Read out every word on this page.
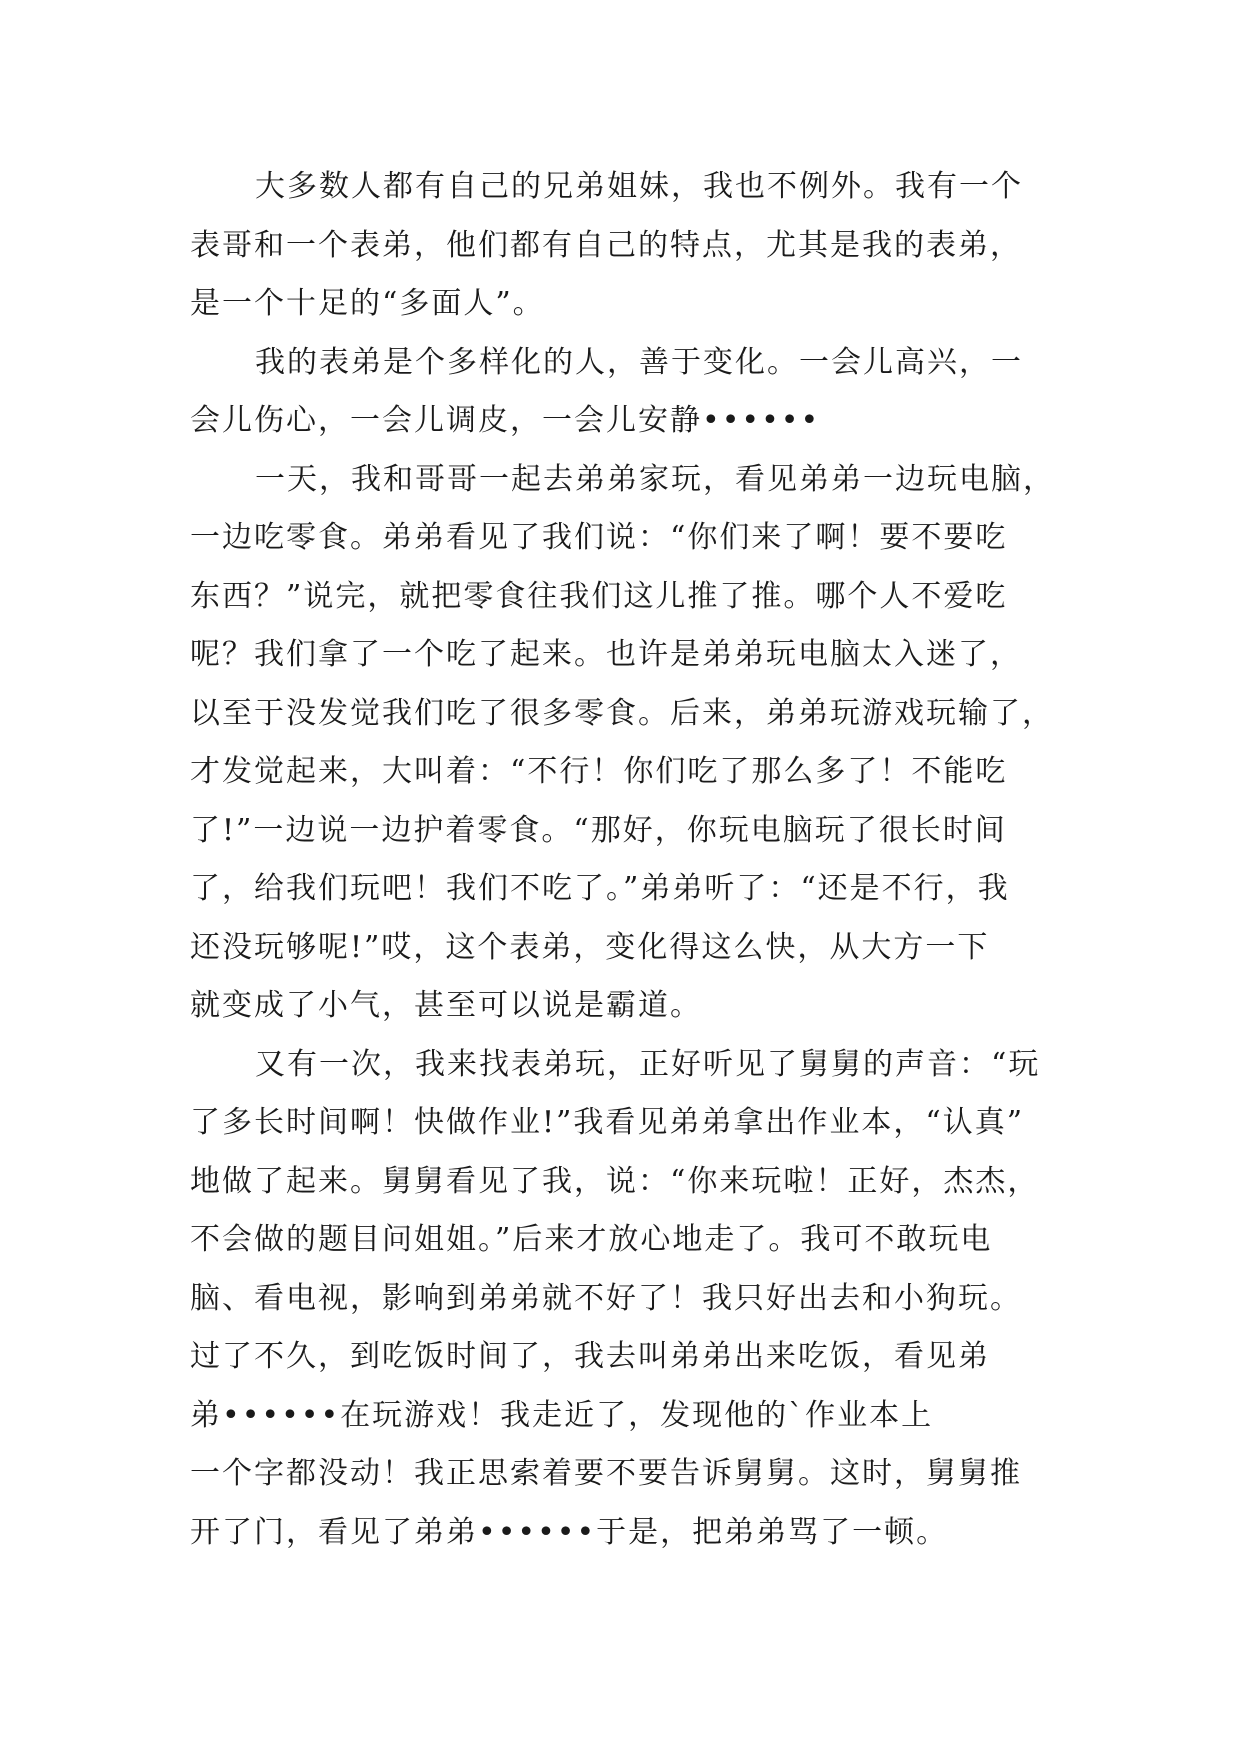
大多数人都有自己的兄弟姐妹，我也不例外。我有一个
表哥和一个表弟，他们都有自己的特点，尤其是我的表弟，
是一个十足的“多面人”。
我的表弟是个多样化的人，善于变化。一会儿高兴，一
会儿伤心，一会儿调皮，一会儿安静••••••
一天，我和哥哥一起去弟弟家玩，看见弟弟一边玩电脑，
一边吃零食。弟弟看见了我们说：“你们来了啊！要不要吃
东西？”说完，就把零食往我们这儿推了推。哪个人不爱吃
呢？我们拿了一个吃了起来。也许是弟弟玩电脑太入迷了，
以至于没发觉我们吃了很多零食。后来，弟弟玩游戏玩输了，
才发觉起来，大叫着：“不行！你们吃了那么多了！不能吃
了!”一边说一边护着零食。“那好，你玩电脑玩了很长时间
了，给我们玩吧！我们不吃了。”弟弟听了：“还是不行，我
还没玩够呢!”哎，这个表弟，变化得这么快，从大方一下
就变成了小气，甚至可以说是霸道。
又有一次，我来找表弟玩，正好听见了舅舅的声音：“玩
了多长时间啊！快做作业!”我看见弟弟拿出作业本，“认真”
地做了起来。舅舅看见了我，说：“你来玩啦！正好，杰杰，
不会做的题目问姐姐。”后来才放心地走了。我可不敢玩电
脑、看电视，影响到弟弟就不好了！我只好出去和小狗玩。
过了不久，到吃饭时间了，我去叫弟弟出来吃饭，看见弟
弟••••••在玩游戏！我走近了，发现他的`作业本上
一个字都没动！我正思索着要不要告诉舅舅。这时，舅舅推
开了门，看见了弟弟••••••于是，把弟弟骂了一顿。
